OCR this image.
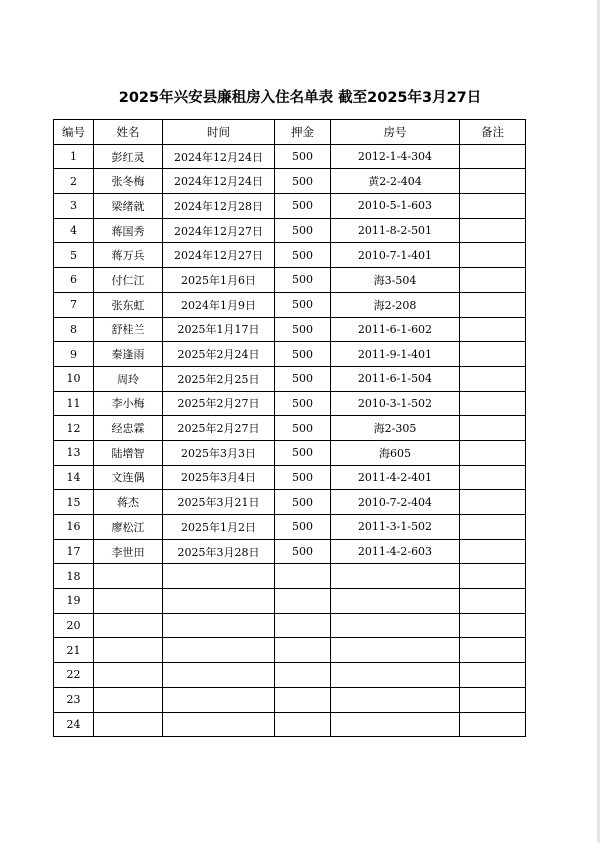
2025年兴安县廉租房入住名单表 截至2025年3月27日
编号	姓名	时间	押金	房号	备注
1	彭红灵	2024年12月24日	500	2012-1-4-304	
2	张冬梅	2024年12月24日	500	黄2-2-404	
3	梁绪就	2024年12月28日	500	2010-5-1-603	
4	蒋国秀	2024年12月27日	500	2011-8-2-501	
5	蒋万兵	2024年12月27日	500	2010-7-1-401	
6	付仁江	2025年1月6日	500	海3-504	
7	张东虹	2024年1月9日	500	海2-208	
8	舒桂兰	2025年1月17日	500	2011-6-1-602	
9	秦逢雨	2025年2月24日	500	2011-9-1-401	
10	周玲	2025年2月25日	500	2011-6-1-504	
11	李小梅	2025年2月27日	500	2010-3-1-502	
12	经忠霖	2025年2月27日	500	海2-305	
13	陆增智	2025年3月3日	500	海605	
14	文连偶	2025年3月4日	500	2011-4-2-401	
15	蒋杰	2025年3月21日	500	2010-7-2-404	
16	廖松江	2025年1月2日	500	2011-3-1-502	
17	李世田	2025年3月28日	500	2011-4-2-603	
18					
19					
20					
21					
22					
23					
24					
